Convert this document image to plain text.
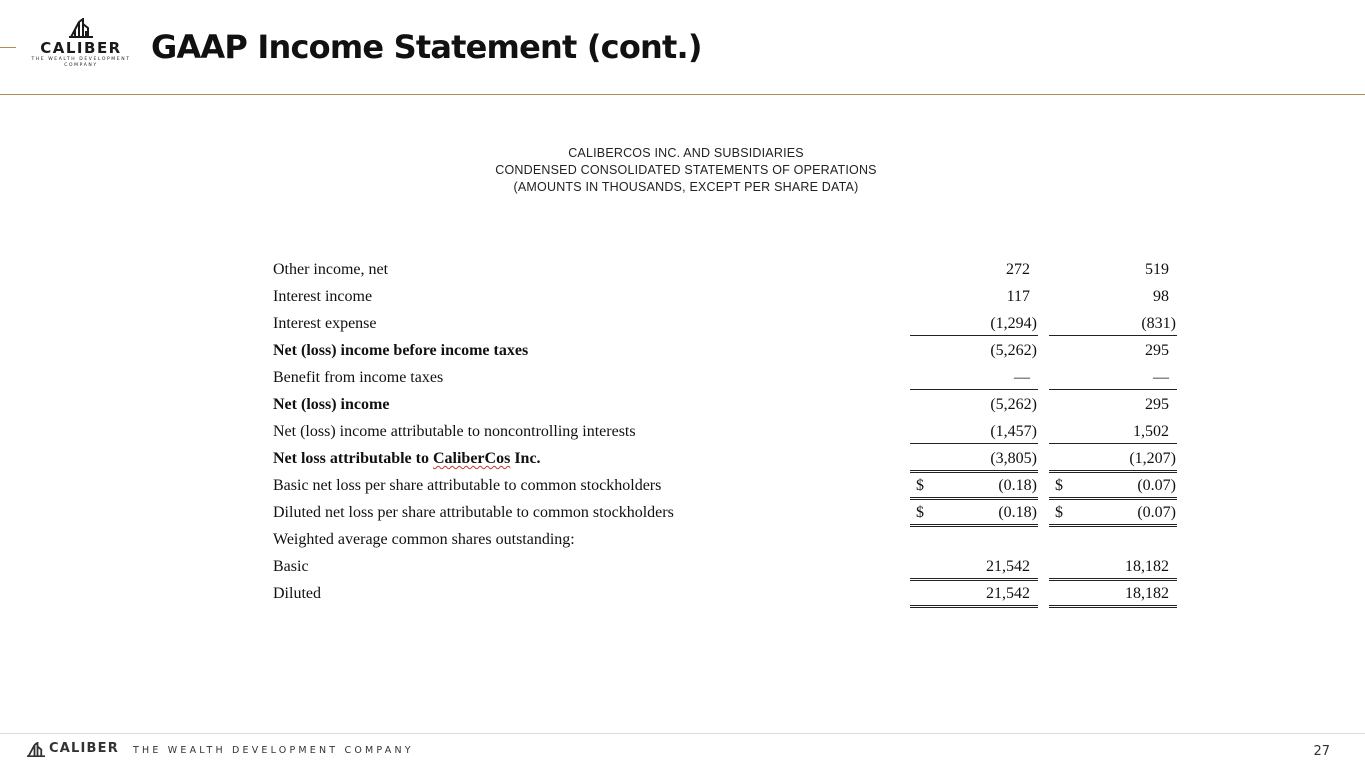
CALIBER
THE WEALTH DEVELOPMENT COMPANY	GAAP Income Statement (cont.)
CALIBERCOS INC. AND SUBSIDIARIES
CONDENSED CONSOLIDATED STATEMENTS OF OPERATIONS
(AMOUNTS IN THOUSANDS, EXCEPT PER SHARE DATA)
Other income, net	272	519
Interest income	117	98
Interest expense	(1,294)	(831)
Net (loss) income before income taxes	(5,262)	295
Benefit from income taxes	—	—
Net (loss) income	(5,262)	295
Net (loss) income attributable to noncontrolling interests	(1,457)	1,502
Net loss attributable to CaliberCos Inc.	(3,805)	(1,207)
Basic net loss per share attributable to common stockholders	$	(0.18) $	(0.07)
Diluted net loss per share attributable to common stockholders	$	(0.18) $	(0.07)
Weighted average common shares outstanding:
Basic	21,542	18,182
Diluted	21,542	18,182
CALIBER THE WEALTH DEVELOPMENT COMPANY	27
